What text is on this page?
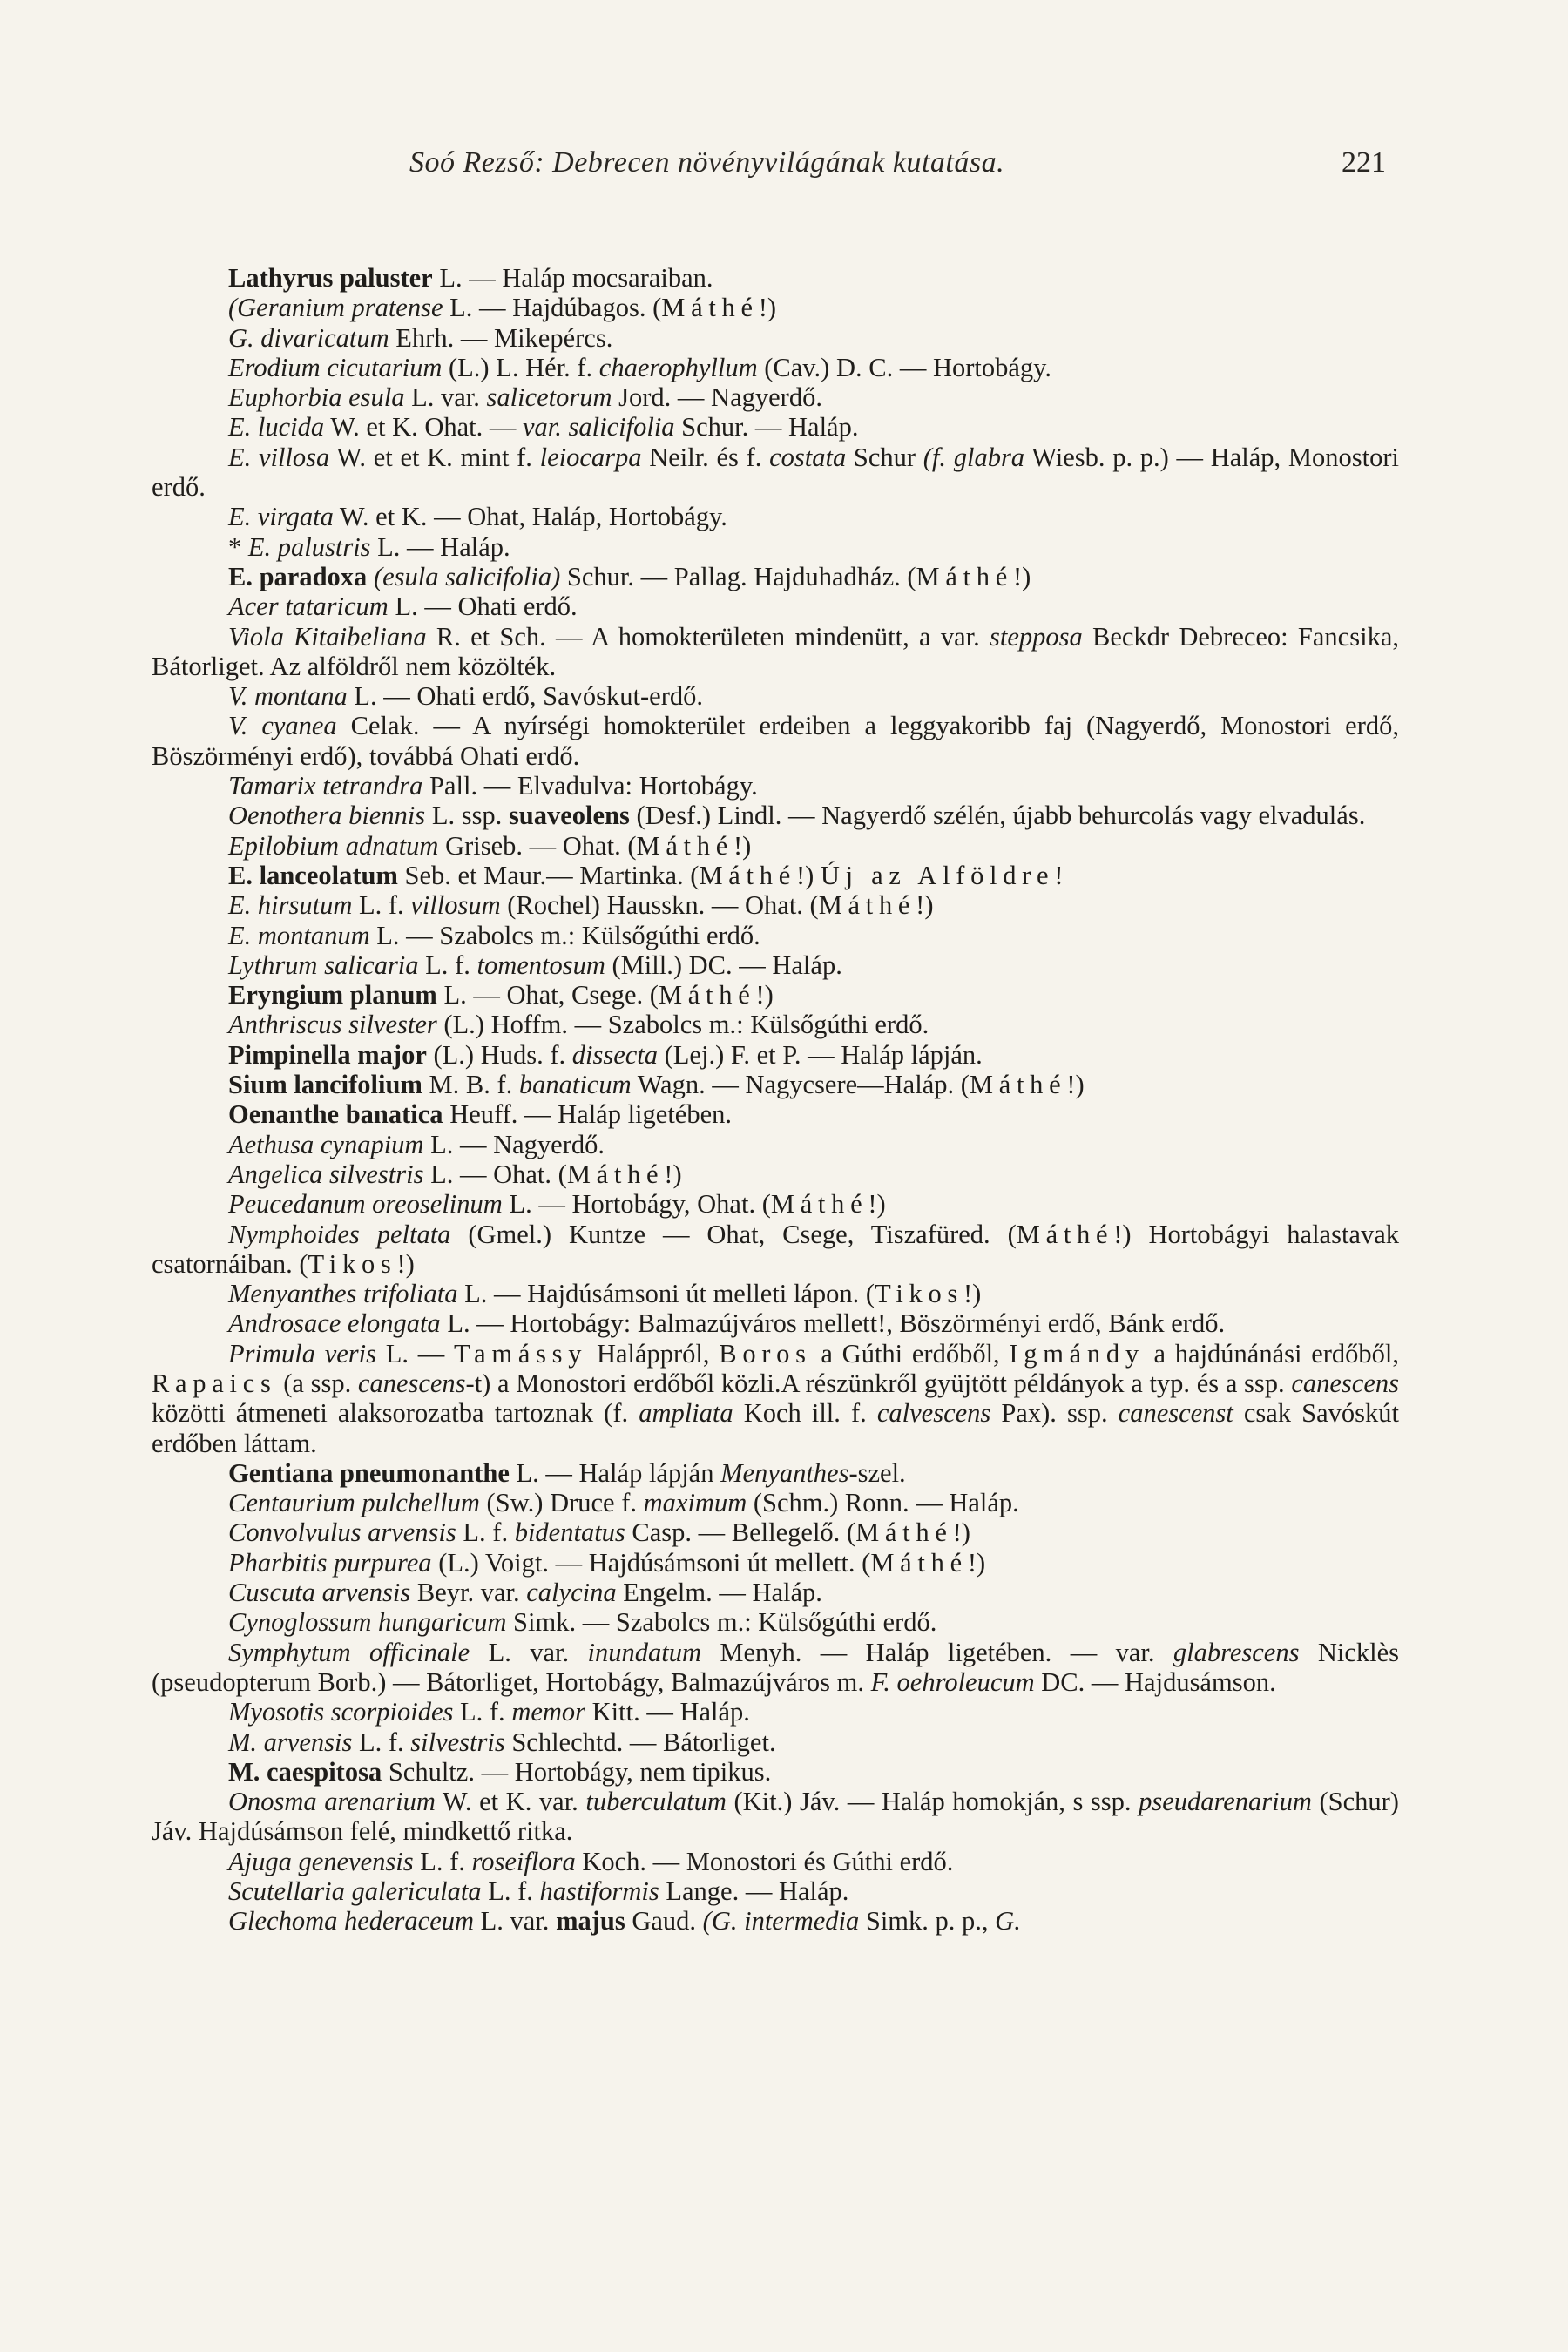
Soó Rezső: Debrecen növényvilágának kutatása.	221

Lathyrus paluster L. — Haláp mocsaraiban.

(Geranium pratense L. — Hajdúbagos. (Máthé!)

G. divaricatum Ehrh. — Mikepércs.

Erodium cicutarium (L.) L. Hér. f. chaerophyllum (Cav.) D. C. — Hortobágy.

Euphorbia esula L. var. salicetorum Jord. — Nagyerdő.

E. lucida W. et K. Ohat. — var. salicifolia Schur. — Haláp.

E. villosa W. et et K. mint f. leiocarpa Neilr. és f. costata Schur (f. glabra Wiesb. p. p.) — Haláp, Monostori erdő.

E. virgata W. et K. — Ohat, Haláp, Hortobágy.

* E. palustris L. — Haláp.

E. paradoxa (esula salicifolia) Schur. — Pallag. Hajduhadház. (Máthé!)

Acer tataricum L. — Ohati erdő.

Viola Kitaibeliana R. et Sch. — A homokterületen mindenütt, a var. stepposa Beckdr Debreceo: Fancsika, Bátorliget. Az alföldről nem közölték.

V. montana L. — Ohati erdő, Savóskut-erdő.

V. cyanea Celak. — A nyírségi homokterület erdeiben a leggyakoribb faj (Nagyerdő, Monostori erdő, Böszörményi erdő), továbbá Ohati erdő.

Tamarix tetrandra Pall. — Elvadulva: Hortobágy.

Oenothera biennis L. ssp. suaveolens (Desf.) Lindl. — Nagyerdő szélén, újabb behurcolás vagy elvadulás.

Epilobium adnatum Griseb. — Ohat. (Máthé!)

E. lanceolatum Seb. et Maur.— Martinka. (Máthé!) Új az Alföldre!

E. hirsutum L. f. villosum (Rochel) Hausskn. — Ohat. (Máthé!)

E. montanum L. — Szabolcs m.: Külsőgúthi erdő.

Lythrum salicaria L. f. tomentosum (Mill.) DC. — Haláp.

Eryngium planum L. — Ohat, Csege. (Máthé!)

Anthriscus silvester (L.) Hoffm. — Szabolcs m.: Külsőgúthi erdő.

Pimpinella major (L.) Huds. f. dissecta (Lej.) F. et P. — Haláp lápján.

Sium lancifolium M. B. f. banaticum Wagn. — Nagycsere—Haláp. (Máthé!)

Oenanthe banatica Heuff. — Haláp ligetében.

Aethusa cynapium L. — Nagyerdő.

Angelica silvestris L. — Ohat. (Máthé!)

Peucedanum oreoselinum L. — Hortobágy, Ohat. (Máthé!)

Nymphoides peltata (Gmel.) Kuntze — Ohat, Csege, Tiszafüred. (Máthé!) Hortobágyi halastavak csatornáiban. (Tikos!)

Menyanthes trifoliata L. — Hajdúsámsoni út melleti lápon. (Tikos!)

Androsace elongata L. — Hortobágy: Balmazújváros mellett!, Böszörményi erdő, Bánk erdő.

Primula veris L. — Tamássy Haláppról, Boros a Gúthi erdőből, Igmándy a hajdúnánási erdőből, Rapaics (a ssp. canescens-t) a Monostori erdőből közli.A részünkről gyüjtött példányok a typ. és a ssp. canescens közötti átmeneti alaksorozatba tartoznak (f. ampliata Koch ill. f. calvescens Pax). ssp. canescenst csak Savóskút erdőben láttam.

Gentiana pneumonanthe L. — Haláp lápján Menyanthes-szel.

Centaurium pulchellum (Sw.) Druce f. maximum (Schm.) Ronn. — Haláp.

Convolvulus arvensis L. f. bidentatus Casp. — Bellegelő. (Máthé!)

Pharbitis purpurea (L.) Voigt. — Hajdúsámsoni út mellett. (Máthé!)

Cuscuta arvensis Beyr. var. calycina Engelm. — Haláp.

Cynoglossum hungaricum Simk. — Szabolcs m.: Külsőgúthi erdő.

Symphytum officinale L. var. inundatum Menyh. — Haláp ligetében. — var. glabrescens Nicklès (pseudopterum Borb.) — Bátorliget, Hortobágy, Balmazújváros m. F. oehroleucum DC. — Hajdusámson.

Myosotis scorpioides L. f. memor Kitt. — Haláp.

M. arvensis L. f. silvestris Schlechtd. — Bátorliget.

M. caespitosa Schultz. — Hortobágy, nem tipikus.

Onosma arenarium W. et K. var. tuberculatum (Kit.) Jáv. — Haláp homokján, s ssp. pseudarenarium (Schur) Jáv. Hajdúsámson felé, mindkettő ritka.

Ajuga genevensis L. f. roseiflora Koch. — Monostori és Gúthi erdő.

Scutellaria galericulata L. f. hastiformis Lange. — Haláp.

Glechoma hederaceum L. var. majus Gaud. (G. intermedia Simk. p. p., G.
